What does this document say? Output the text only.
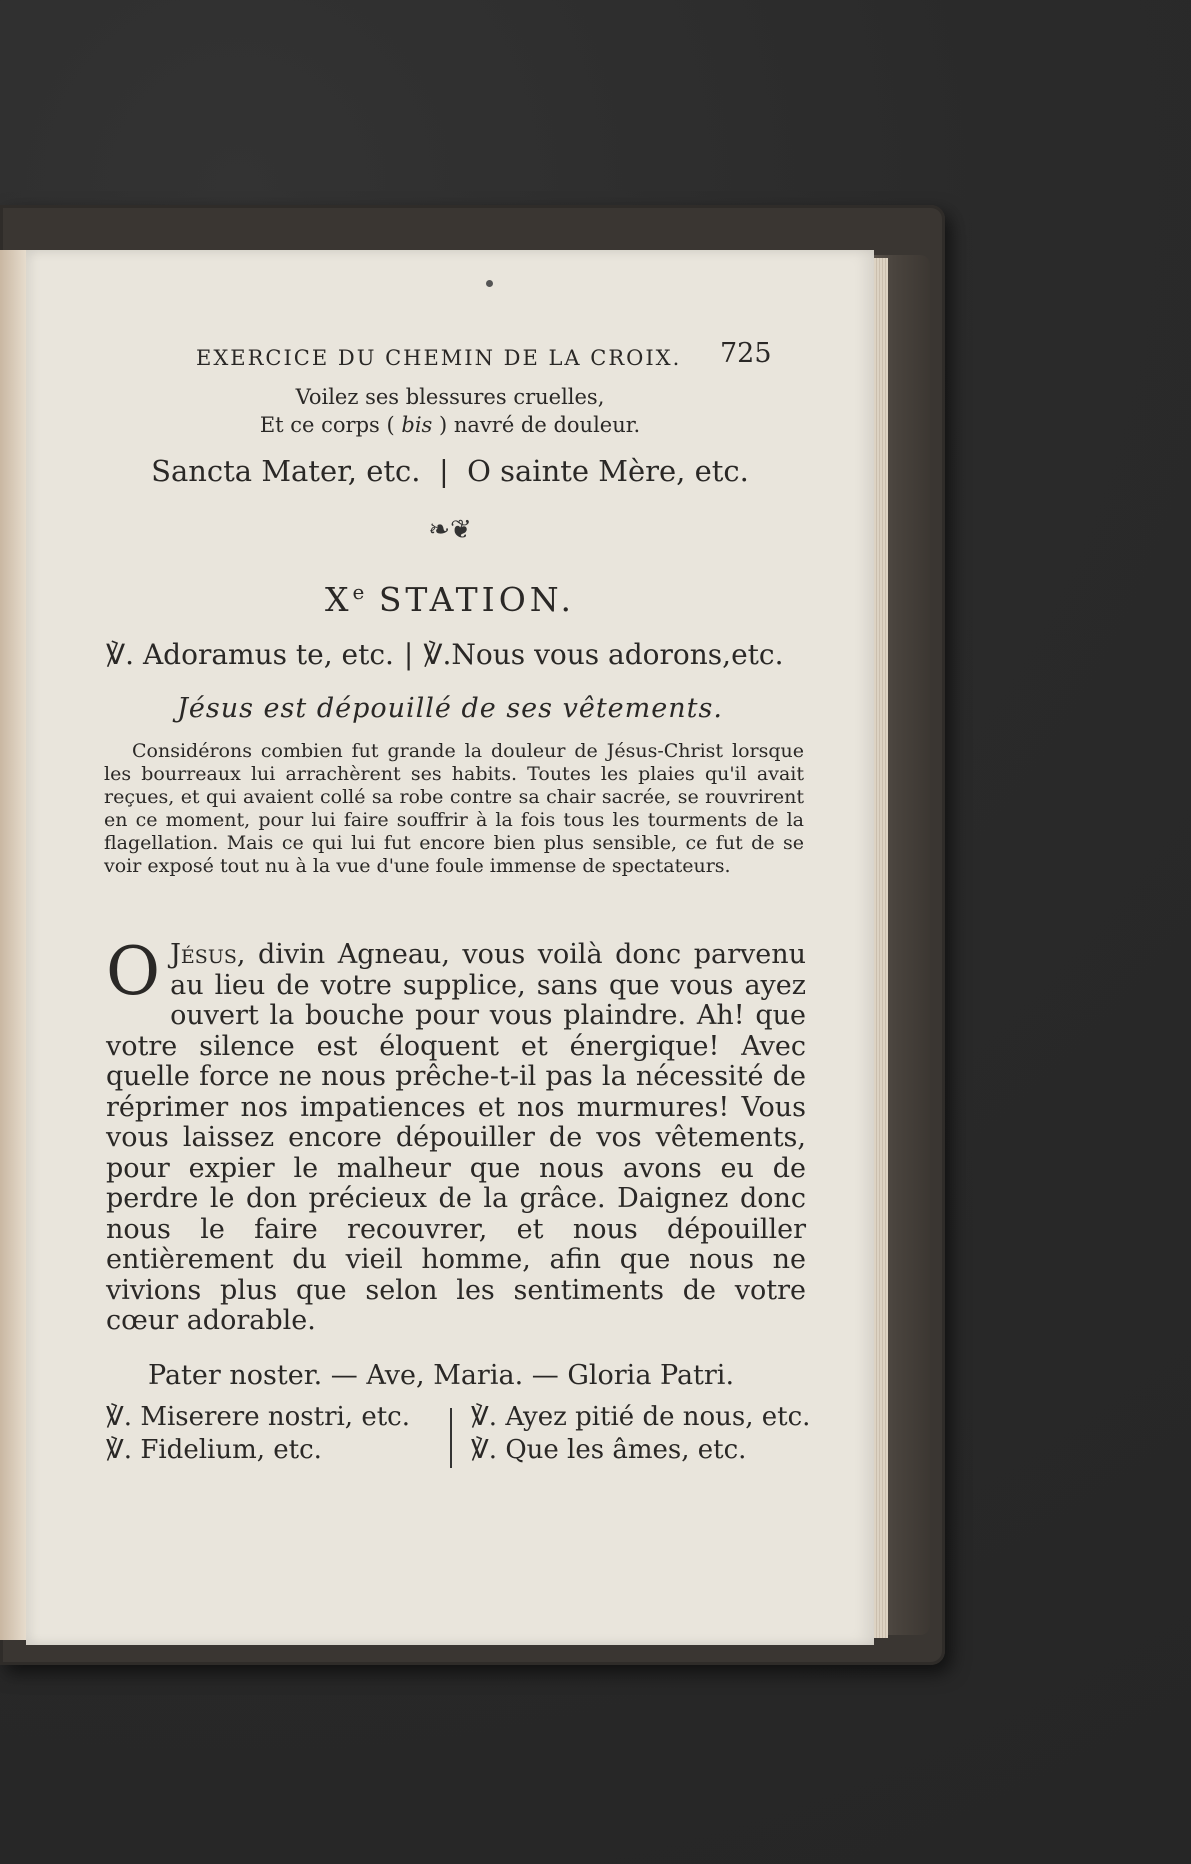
EXERCICE DU CHEMIN DE LA CROIX. 725
Voilez ses blessures cruelles,
Et ce corps ( bis ) navré de douleur.
Sancta Mater, etc.  |  O sainte Mère, etc.
❧❦
Xe STATION.
℣. Adoramus te, etc. | ℣.Nous vous adorons,etc.
Jésus est dépouillé de ses vêtements.
Considérons combien fut grande la douleur de Jésus-Christ lorsque les bourreaux lui arrachèrent ses habits. Toutes les plaies qu'il avait reçues, et qui avaient collé sa robe contre sa chair sacrée, se rouvrirent en ce moment, pour lui faire souffrir à la fois tous les tourments de la flagellation. Mais ce qui lui fut encore bien plus sensible, ce fut de se voir exposé tout nu à la vue d'une foule immense de spectateurs.
O Jésus, divin Agneau, vous voilà donc parvenu au lieu de votre supplice, sans que vous ayez ouvert la bouche pour vous plaindre. Ah! que votre silence est éloquent et énergique! Avec quelle force ne nous prêche-t-il pas la nécessité de réprimer nos impatiences et nos murmures! Vous vous laissez encore dépouiller de vos vêtements, pour expier le malheur que nous avons eu de perdre le don précieux de la grâce. Daignez donc nous le faire recouvrer, et nous dépouiller entièrement du vieil homme, afin que nous ne vivions plus que selon les sentiments de votre cœur adorable.
Pater noster. — Ave, Maria. — Gloria Patri.
℣. Miserere nostri, etc. ℣. Ayez pitié de nous, etc.
℣. Fidelium, etc.	℣. Que les âmes, etc.
